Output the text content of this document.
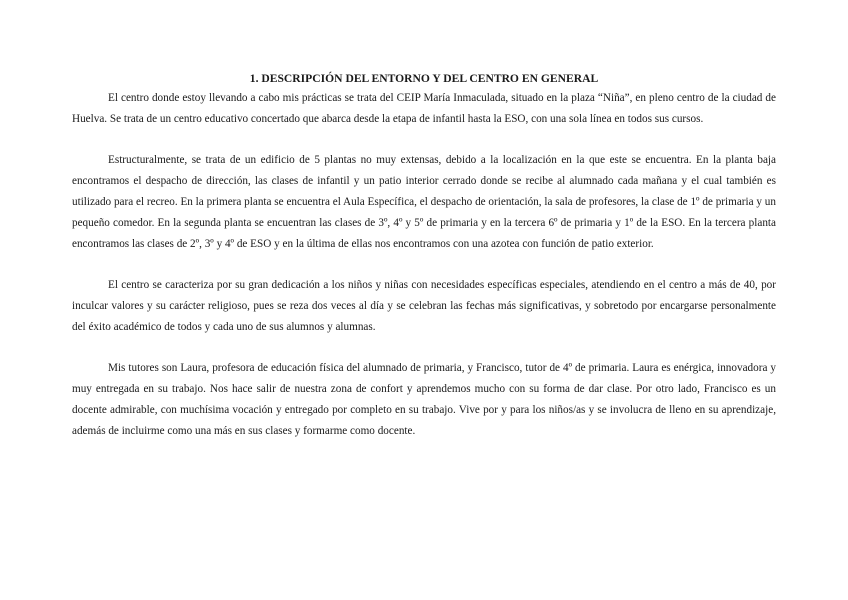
1. DESCRIPCIÓN DEL ENTORNO Y DEL CENTRO EN GENERAL

El centro donde estoy llevando a cabo mis prácticas se trata del CEIP María Inmaculada, situado en la plaza “Niña”, en pleno centro de la ciudad de Huelva. Se trata de un centro educativo concertado que abarca desde la etapa de infantil hasta la ESO, con una sola línea en todos sus cursos.

Estructuralmente, se trata de un edificio de 5 plantas no muy extensas, debido a la localización en la que este se encuentra. En la planta baja encontramos el despacho de dirección, las clases de infantil y un patio interior cerrado donde se recibe al alumnado cada mañana y el cual también es utilizado para el recreo. En la primera planta se encuentra el Aula Específica, el despacho de orientación, la sala de profesores, la clase de 1º de primaria y un pequeño comedor. En la segunda planta se encuentran las clases de 3º, 4º y 5º de primaria y en la tercera 6º de primaria y 1º de la ESO. En la tercera planta encontramos las clases de 2º, 3º y 4º de ESO y en la última de ellas nos encontramos con una azotea con función de patio exterior.

El centro se caracteriza por su gran dedicación a los niños y niñas con necesidades específicas especiales, atendiendo en el centro a más de 40, por inculcar valores y su carácter religioso, pues se reza dos veces al día y se celebran las fechas más significativas, y sobretodo por encargarse personalmente del éxito académico de todos y cada uno de sus alumnos y alumnas.

Mis tutores son Laura, profesora de educación física del alumnado de primaria, y Francisco, tutor de 4º de primaria. Laura es enérgica, innovadora y muy entregada en su trabajo. Nos hace salir de nuestra zona de confort y aprendemos mucho con su forma de dar clase. Por otro lado, Francisco es un docente admirable, con muchísima vocación y entregado por completo en su trabajo. Vive por y para los niños/as y se involucra de lleno en su aprendizaje, además de incluirme como una más en sus clases y formarme como docente.
